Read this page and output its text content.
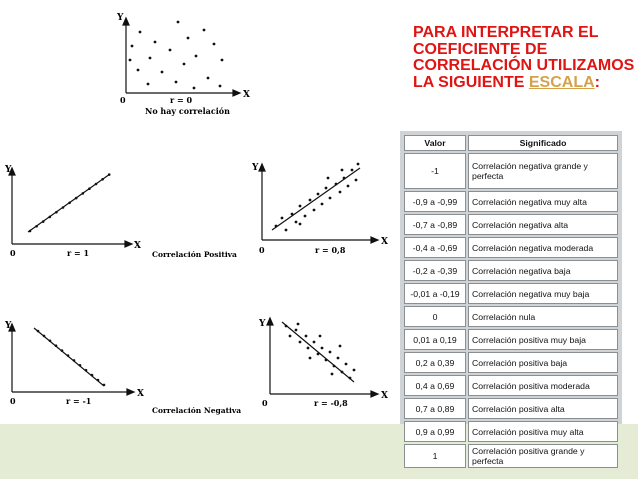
Y
X
0	r = 0
No hay correlación
Y
X
0	r = 1
Y
X
0	r = 0,8
Correlación Positiva
Y
X
0	r = -1
Y
X
0	r = -0,8
Correlación Negativa
PARA INTERPRETAR EL
COEFICIENTE DE
CORRELACIÓN UTILIZAMOS
LA SIGUIENTE ESCALA:
Valor	Significado
-1	Correlación negativa grande y perfecta
-0,9 a -0,99	Correlación negativa muy alta
-0,7 a -0,89	Correlación negativa alta
-0,4 a -0,69	Correlación negativa moderada
-0,2 a -0,39	Correlación negativa baja
-0,01 a -0,19	Correlación negativa muy baja
0	Correlación nula
0,01 a 0,19	Correlación positiva muy baja
0,2 a 0,39	Correlación positiva baja
0,4 a 0,69	Correlación positiva moderada
0,7 a 0,89	Correlación positiva alta
0,9 a 0,99	Correlación positiva muy alta
1	Correlación positiva grande y perfecta
